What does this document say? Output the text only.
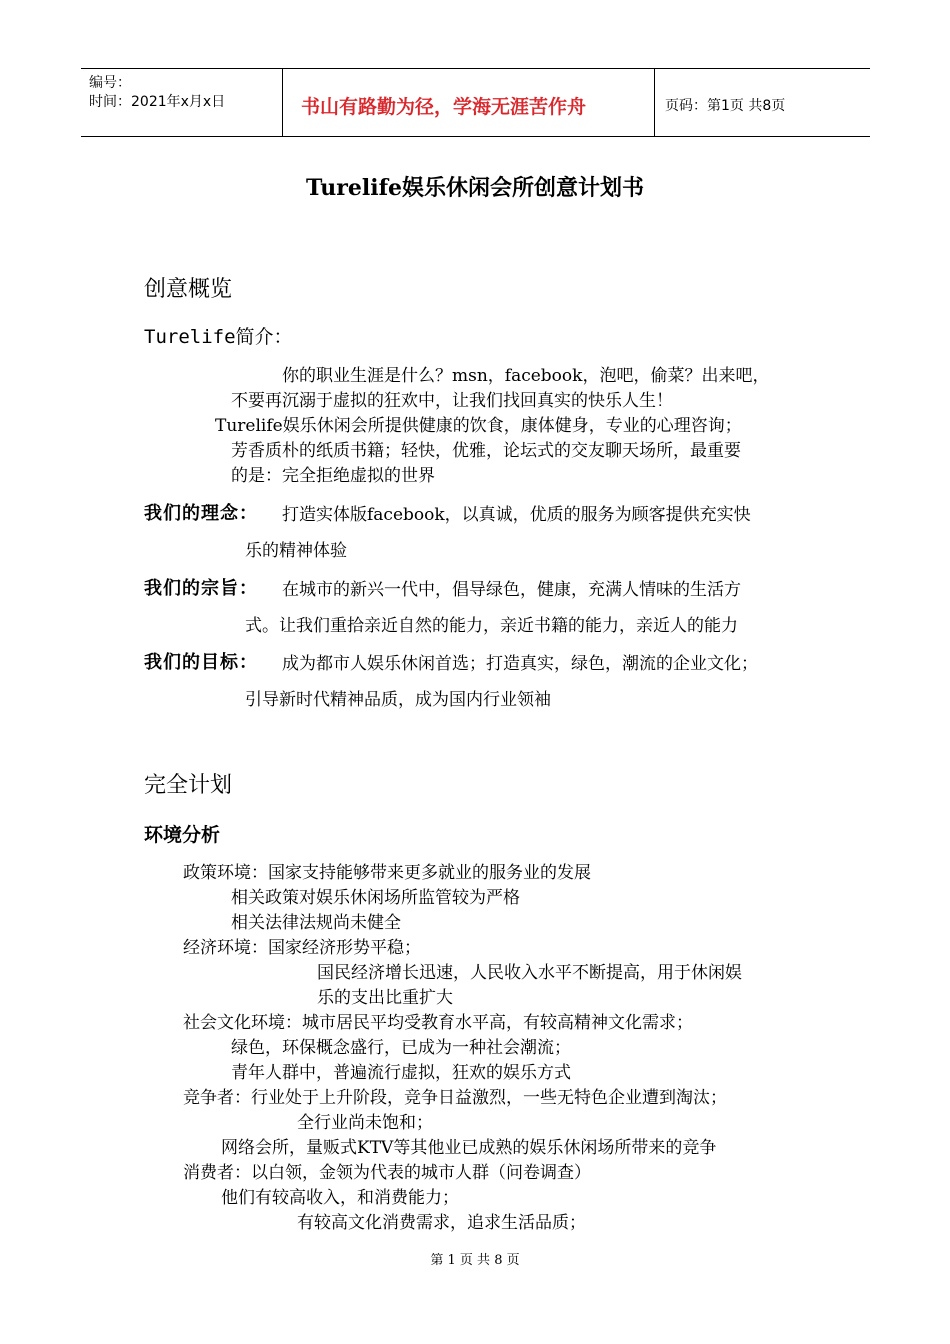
编号：
时间：2021年x月x日	书山有路勤为径，学海无涯苦作舟	页码：第1页 共8页
Turelife娱乐休闲会所创意计划书
创意概览
Turelife简介：
你的职业生涯是什么？msn，facebook，泡吧，偷菜？出来吧，
不要再沉溺于虚拟的狂欢中，让我们找回真实的快乐人生！
Turelife娱乐休闲会所提供健康的饮食，康体健身，专业的心理咨询；
芳香质朴的纸质书籍；轻快，优雅，论坛式的交友聊天场所，最重要
的是：完全拒绝虚拟的世界
我们的理念： 打造实体版facebook，以真诚，优质的服务为顾客提供充实快
乐的精神体验
我们的宗旨： 在城市的新兴一代中，倡导绿色，健康，充满人情味的生活方
式。让我们重拾亲近自然的能力，亲近书籍的能力，亲近人的能力
我们的目标： 成为都市人娱乐休闲首选；打造真实，绿色，潮流的企业文化；
引导新时代精神品质，成为国内行业领袖
完全计划
环境分析
政策环境：国家支持能够带来更多就业的服务业的发展
相关政策对娱乐休闲场所监管较为严格
相关法律法规尚未健全
经济环境：国家经济形势平稳；
国民经济增长迅速，人民收入水平不断提高，用于休闲娱
乐的支出比重扩大
社会文化环境：城市居民平均受教育水平高，有较高精神文化需求；
绿色，环保概念盛行，已成为一种社会潮流；
青年人群中，普遍流行虚拟，狂欢的娱乐方式
竞争者：行业处于上升阶段，竞争日益激烈，一些无特色企业遭到淘汰；
全行业尚未饱和；
网络会所，量贩式KTV等其他业已成熟的娱乐休闲场所带来的竞争
消费者：以白领，金领为代表的城市人群（问卷调查）
他们有较高收入，和消费能力；
有较高文化消费需求，追求生活品质；
第 1 页 共 8 页
